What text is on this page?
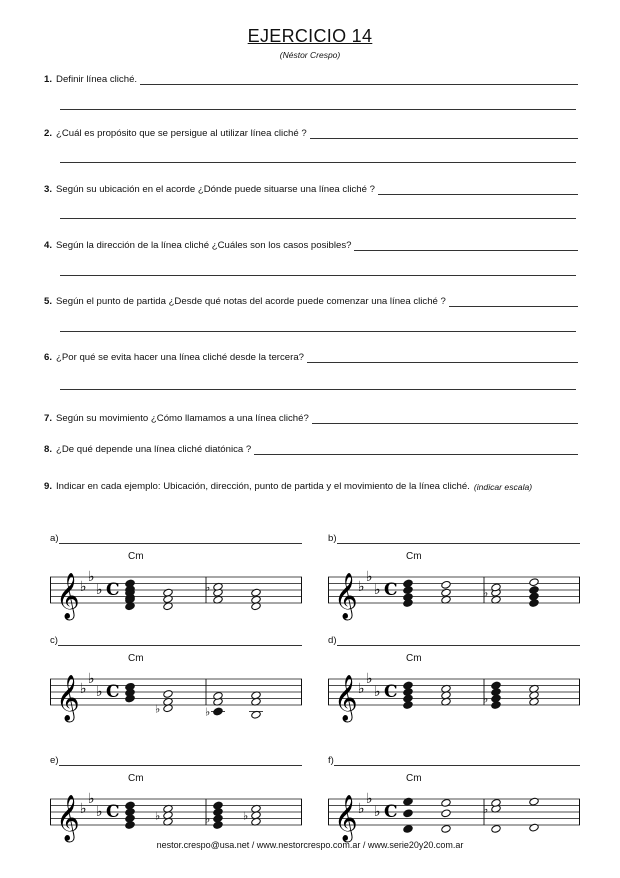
EJERCICIO 14
(Néstor Crespo)
1. Definir línea cliché.
2. ¿Cuál es propósito que se persigue al utilizar línea cliché ?
3. Según su ubicación en el acorde ¿Dónde puede situarse una línea cliché ?
4. Según la dirección de la línea cliché ¿Cuáles son los casos posibles?
5. Según el punto de partida ¿Desde qué notas del acorde puede comenzar una línea cliché ?
6. ¿Por qué se evita hacer una línea cliché desde la tercera?
7. Según su movimiento ¿Cómo llamamos a una línea cliché?
8. ¿De qué depende una línea cliché diatónica ?
9. Indicar en cada ejemplo: Ubicación, dirección, punto de partida y el movimiento de la línea cliché. (indicar escala)
a)
Cm
𝄞 ♭
♭
♭ C	♭
b)
Cm
𝄞 ♭
♭
♭ C	♭
c)
Cm
𝄞 ♭
♭
♭ C
♭	♭
d)
Cm
𝄞 ♭
♭
♭ C	♭
e)
Cm
𝄞 ♭
♭
♭ C	♭	♭	♭
f)
Cm
𝄞 ♭
♭
♭ C	♭
nestor.crespo@usa.net / www.nestorcrespo.com.ar / www.serie20y20.com.ar
